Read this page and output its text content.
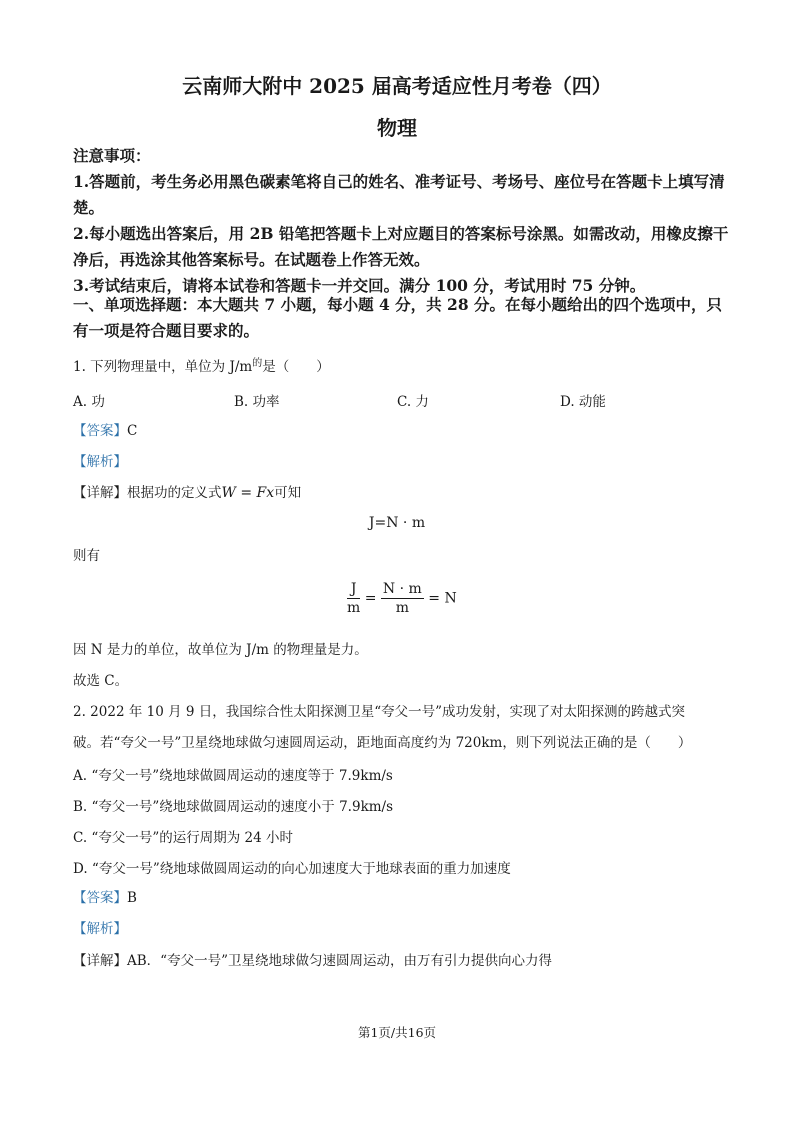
云南师大附中 2025 届高考适应性月考卷（四）
物理
注意事项：
1.答题前，考生务必用黑色碳素笔将自己的姓名、准考证号、考场号、座位号在答题卡上填写清楚。
2.每小题选出答案后，用 2B 铅笔把答题卡上对应题目的答案标号涂黑。如需改动，用橡皮擦干净后，再选涂其他答案标号。在试题卷上作答无效。
3.考试结束后，请将本试卷和答题卡一并交回。满分 100 分，考试用时 75 分钟。
一、单项选择题：本大题共 7 小题，每小题 4 分，共 28 分。在每小题给出的四个选项中，只有一项是符合题目要求的。
1. 下列物理量中，单位为 $J/m^的$是（　　）
A. 功	B. 功率	C. 力	D. 动能
【答案】C
【解析】
【详解】根据功的定义式W = Fx可知
J=N · m
则有
$\frac{J}{m} = \frac{N \cdot m}{m} = N$
因 N 是力的单位，故单位为 J/m 的物理量是力。
故选 C。
2. 2022 年 10 月 9 日，我国综合性太阳探测卫星“夸父一号”成功发射，实现了对太阳探测的跨越式突
破。若“夸父一号”卫星绕地球做匀速圆周运动，距地面高度约为 720km，则下列说法正确的是（　　）
A. “夸父一号”绕地球做圆周运动的速度等于 7.9km/s
B. “夸父一号”绕地球做圆周运动的速度小于 7.9km/s
C. “夸父一号”的运行周期为 24 小时
D. “夸父一号”绕地球做圆周运动的向心加速度大于地球表面的重力加速度
【答案】B
【解析】
【详解】AB．“夸父一号”卫星绕地球做匀速圆周运动，由万有引力提供向心力得
第1页/共16页
